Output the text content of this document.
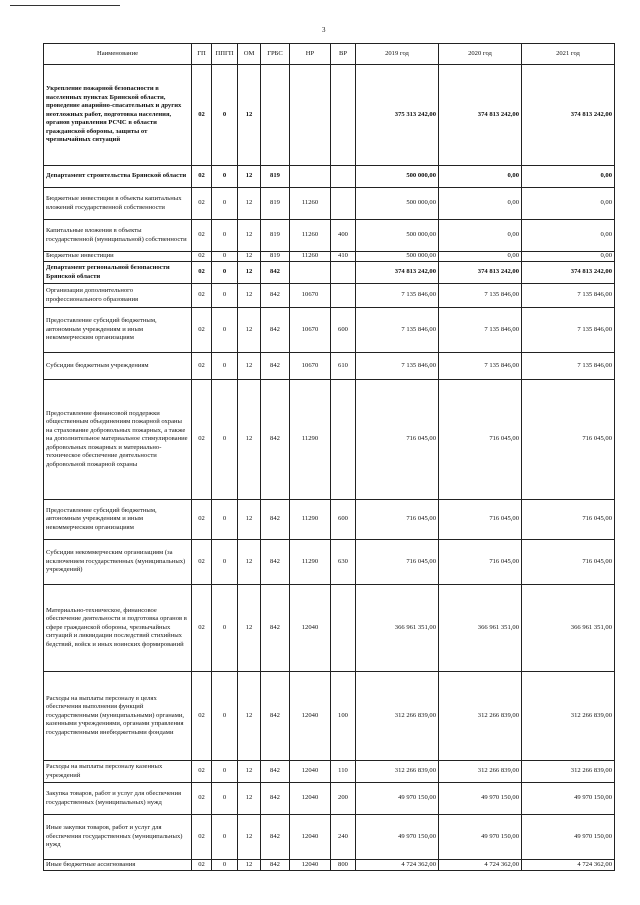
3
Наименование	ГП	ППГП	ОМ	ГРБС	НР	ВР	2019 год	2020 год	2021 год
Укрепление пожарной безопасности в населенных пунктах Брянской области, проведение аварийно-спасательных и других неотложных работ, подготовка населения, органов управления РСЧС в области гражданской обороны, защиты от чрезвычайных ситуаций	02	0	12				375 313 242,00	374 813 242,00	374 813 242,00
Департамент строительства Брянской области	02	0	12	819			500 000,00	0,00	0,00
Бюджетные инвестиции в объекты капитальных вложений государственной собственности	02	0	12	819	11260		500 000,00	0,00	0,00
Капитальные вложения в объекты государственной (муниципальной) собственности	02	0	12	819	11260	400	500 000,00	0,00	0,00
Бюджетные инвестиции	02	0	12	819	11260	410	500 000,00	0,00	0,00
Департамент региональной безопасности Брянской области	02	0	12	842			374 813 242,00	374 813 242,00	374 813 242,00
Организации дополнительного профессионального образования	02	0	12	842	10670		7 135 846,00	7 135 846,00	7 135 846,00
Предоставление субсидий бюджетным, автономным учреждениям и иным некоммерческим организациям	02	0	12	842	10670	600	7 135 846,00	7 135 846,00	7 135 846,00
Субсидии бюджетным учреждениям	02	0	12	842	10670	610	7 135 846,00	7 135 846,00	7 135 846,00
Предоставление финансовой поддержки общественным объединениям пожарной охраны на страхование добровольных пожарных, а также на дополнительное материальное стимулирование добровольных пожарных и материально-техническое обеспечение деятельности добровольной пожарной охраны	02	0	12	842	11290		716 045,00	716 045,00	716 045,00
Предоставление субсидий бюджетным, автономным учреждениям и иным некоммерческим организациям	02	0	12	842	11290	600	716 045,00	716 045,00	716 045,00
Субсидии некоммерческим организациям (за исключением государственных (муниципальных) учреждений)	02	0	12	842	11290	630	716 045,00	716 045,00	716 045,00
Материально-техническое, финансовое обеспечение деятельности и подготовка органов в сфере гражданской обороны, чрезвычайных ситуаций и ликвидации последствий стихийных бедствий, войск и иных воинских формирований	02	0	12	842	12040		366 961 351,00	366 961 351,00	366 961 351,00
Расходы на выплаты персоналу в целях обеспечения выполнения функций государственными (муниципальными) органами, казенными учреждениями, органами управления государственными внебюджетными фондами	02	0	12	842	12040	100	312 266 839,00	312 266 839,00	312 266 839,00
Расходы на выплаты персоналу казенных учреждений	02	0	12	842	12040	110	312 266 839,00	312 266 839,00	312 266 839,00
Закупка товаров, работ и услуг для обеспечения государственных (муниципальных) нужд	02	0	12	842	12040	200	49 970 150,00	49 970 150,00	49 970 150,00
Иные закупки товаров, работ и услуг для обеспечения государственных (муниципальных) нужд	02	0	12	842	12040	240	49 970 150,00	49 970 150,00	49 970 150,00
Иные бюджетные ассигнования	02	0	12	842	12040	800	4 724 362,00	4 724 362,00	4 724 362,00
